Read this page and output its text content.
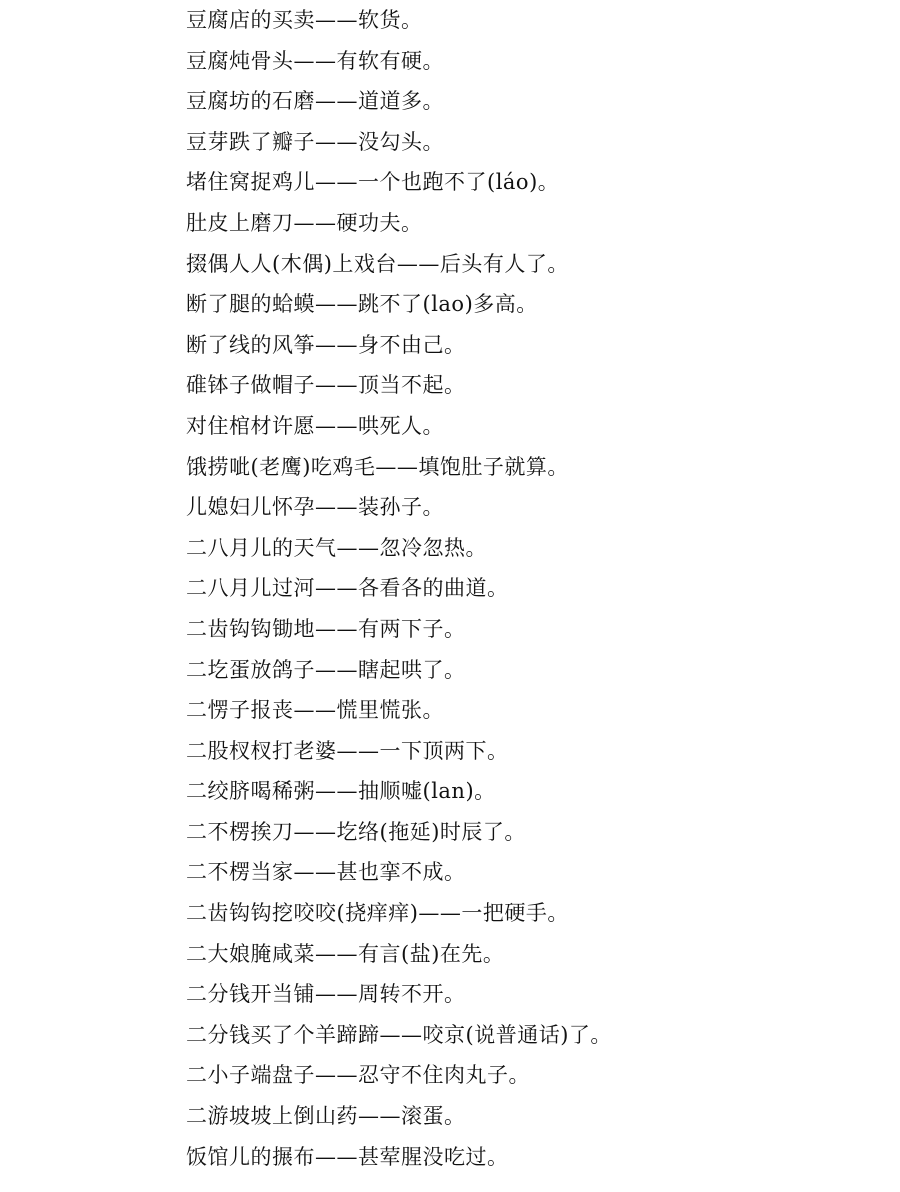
豆腐店的买卖——软货。
豆腐炖骨头——有软有硬。
豆腐坊的石磨——道道多。
豆芽跌了瓣子——没勾头。
堵住窝捉鸡儿——一个也跑不了(láo)。
肚皮上磨刀——硬功夫。
掇偶人人(木偶)上戏台——后头有人了。
断了腿的蛤蟆——跳不了(lao)多高。
断了线的风筝——身不由己。
碓钵子做帽子——顶当不起。
对住棺材许愿——哄死人。
饿捞呲(老鹰)吃鸡毛——填饱肚子就算。
儿媳妇儿怀孕——装孙子。
二八月儿的天气——忽冷忽热。
二八月儿过河——各看各的曲道。
二齿钩钩锄地——有两下子。
二圪蛋放鸽子——瞎起哄了。
二愣子报丧——慌里慌张。
二股杈杈打老婆——一下顶两下。
二绞脐喝稀粥——抽顺嘘(lan)。
二不楞挨刀——圪络(拖延)时辰了。
二不楞当家——甚也挛不成。
二齿钩钩挖咬咬(挠痒痒)——一把硬手。
二大娘腌咸菜——有言(盐)在先。
二分钱开当铺——周转不开。
二分钱买了个羊蹄蹄——咬京(说普通话)了。
二小子端盘子——忍守不住肉丸子。
二游坡坡上倒山药——滚蛋。
饭馆儿的搌布——甚荤腥没吃过。
